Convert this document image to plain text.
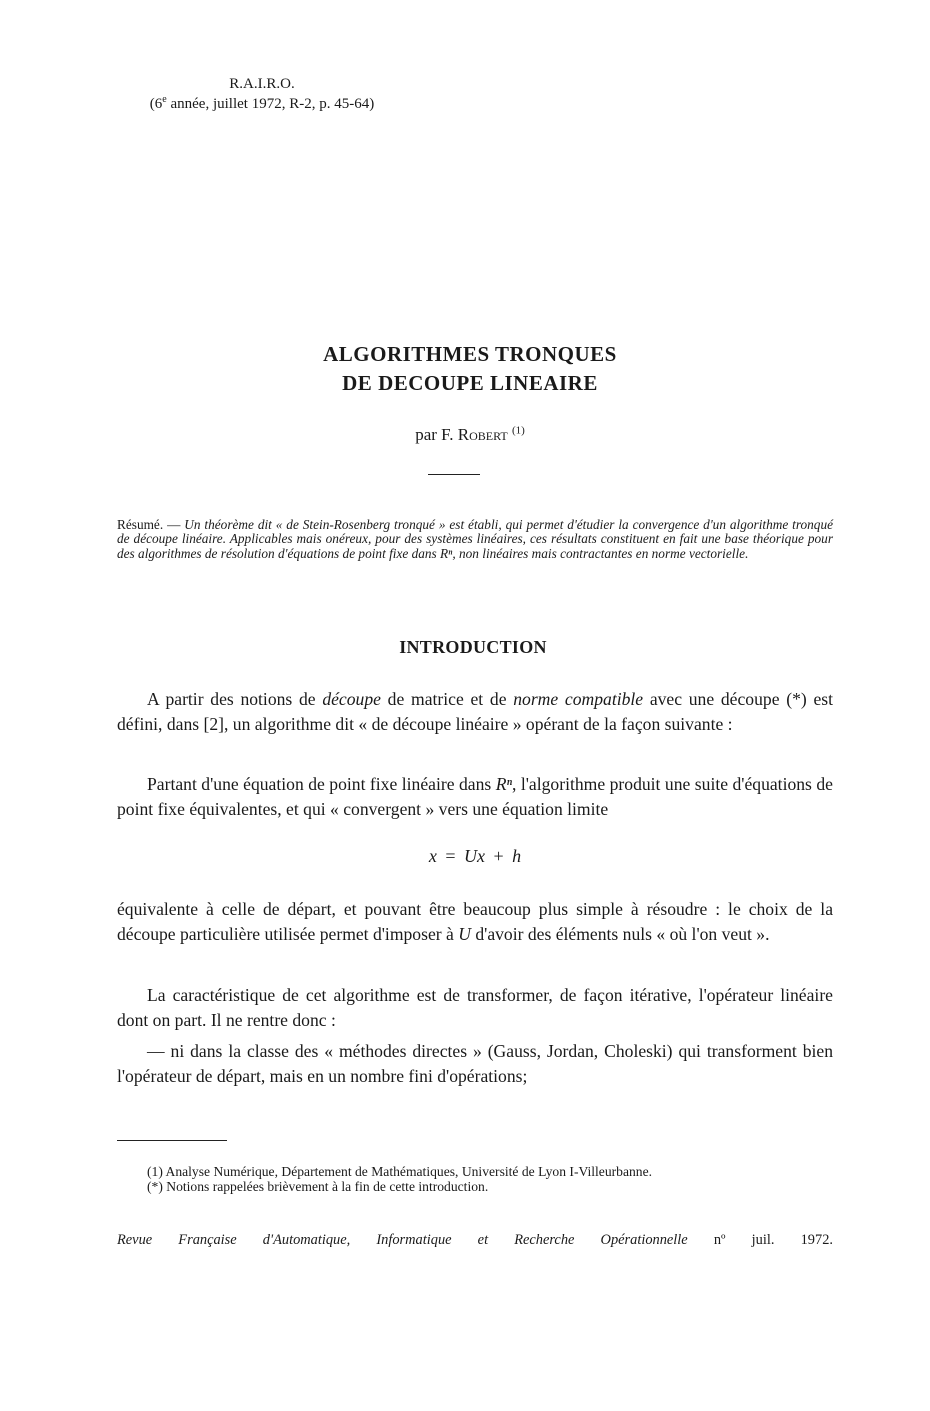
R.A.I.R.O.
(6e année, juillet 1972, R-2, p. 45-64)
ALGORITHMES TRONQUES
DE DECOUPE LINEAIRE
par F. Robert $^{(1)}$
Résumé. — Un théorème dit « de Stein-Rosenberg tronqué » est établi, qui permet d'étudier la convergence d'un algorithme tronqué de découpe linéaire. Applicables mais onéreux, pour des systèmes linéaires, ces résultats constituent en fait une base théorique pour des algorithmes de résolution d'équations de point fixe dans Rⁿ, non linéaires mais contractantes en norme vectorielle.
INTRODUCTION

A partir des notions de découpe de matrice et de norme compatible avec une découpe (*) est défini, dans [2], un algorithme dit « de découpe linéaire » opérant de la façon suivante :

Partant d'une équation de point fixe linéaire dans Rⁿ, l'algorithme produit une suite d'équations de point fixe équivalentes, et qui « convergent » vers une équation limite

x = Ux + h

équivalente à celle de départ, et pouvant être beaucoup plus simple à résoudre : le choix de la découpe particulière utilisée permet d'imposer à U d'avoir des éléments nuls « où l'on veut ».

La caractéristique de cet algorithme est de transformer, de façon itérative, l'opérateur linéaire dont on part. Il ne rentre donc :

— ni dans la classe des « méthodes directes » (Gauss, Jordan, Choleski) qui transforment bien l'opérateur de départ, mais en un nombre fini d'opérations;

(1) Analyse Numérique, Département de Mathématiques, Université de Lyon I-Villeurbanne.

(*) Notions rappelées brièvement à la fin de cette introduction.

Revue Française d'Automatique, Informatique et Recherche Opérationnelle nº juil. 1972.
